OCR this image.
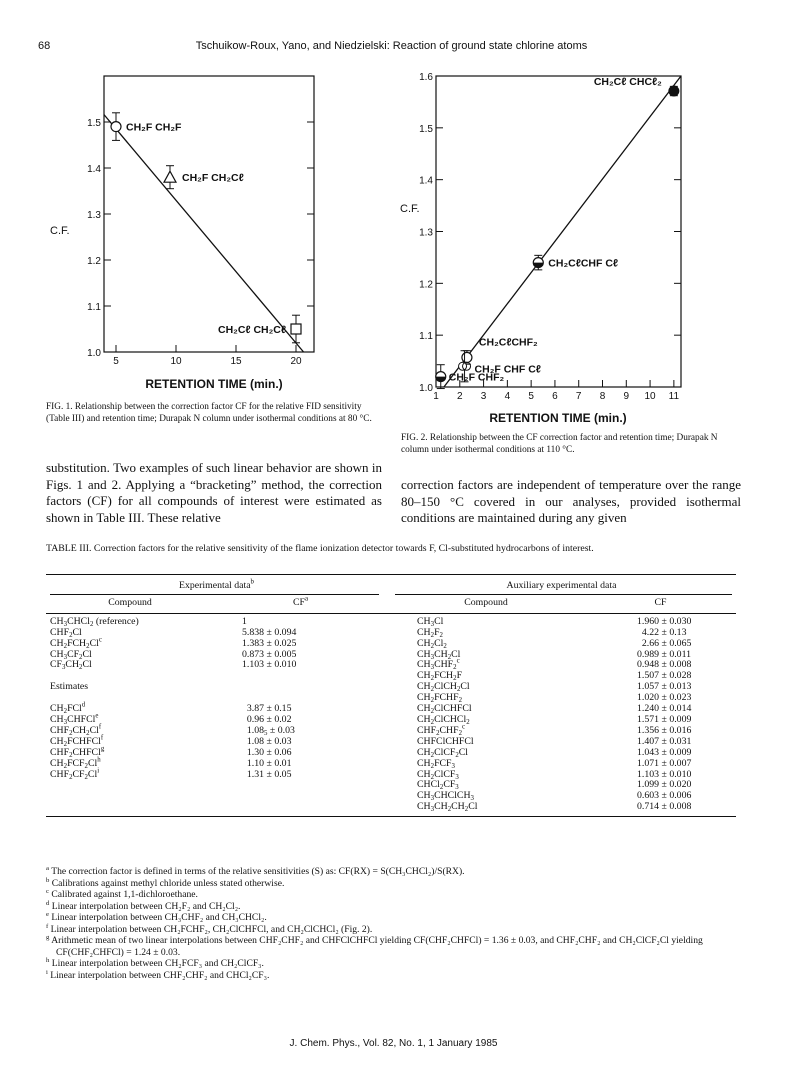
68	Tschuikow-Roux, Yano, and Niedzielski: Reaction of ground state chlorine atoms
1.0
1.1
1.2
1.3
1.4
1.5
5	10	15	20
CH₂F CH₂F
CH₂F CH₂Cℓ
CH₂Cℓ CH₂Cℓ
C.F.
RETENTION TIME (min.)
FIG. 1. Relationship between the correction factor CF for the relative FID sensitivity (Table III) and retention time; Durapak N column under isothermal conditions at 80 °C.
1.0
1.1
1.2
1.3
1.4
1.5
1.6
1 2 3 4 5 6 7 8 9 10 11
CH₂Cℓ CHCℓ₂
CH₂CℓCHF Cℓ
CH₂CℓCHF₂
CH₂F CHF Cℓ
CH₂F CHF₂
C.F.
RETENTION TIME (min.)
FIG. 2. Relationship between the CF correction factor and retention time; Durapak N column under isothermal conditions at 110 °C.
substitution. Two examples of such linear behavior are shown in Figs. 1 and 2. Applying a “bracketing” method, the correction factors (CF) for all compounds of interest were estimated as shown in Table III. These relative
correction factors are independent of temperature over the range 80–150 °C covered in our analyses, provided isothermal conditions are maintained during any given
TABLE III. Correction factors for the relative sensitivity of the flame ionization detector towards F, Cl-substituted hydrocarbons of interest.
Experimental data$^b$		Auxiliary experimental data	

Compound	$CF^a$	Compound	CF

$CH_3CHCl_2$ (reference)	1	$CH_3Cl$	1.960 ± 0.030
$CHF_2Cl$	5.838 ± 0.094	$CH_2F_2$	4.22 ± 0.13
$CH_2FCH_2Cl^c$	1.383 ± 0.025	$CH_2Cl_2$	2.66 ± 0.065
$CH_3CF_2Cl$	0.873 ± 0.005	$CH_3CH_2Cl$	0.989 ± 0.011
$CF_3CH_2Cl$	1.103 ± 0.010	$CH_3CHF_2^c$	0.948 ± 0.008
		$CH_2FCH_2F$	1.507 ± 0.028
Estimates		$CH_2ClCH_2Cl$	1.057 ± 0.013
		$CH_2FCHF_2$	1.020 ± 0.023
$CH_2FCl^d$	3.87 ± 0.15	$CH_2ClCHFCl$	1.240 ± 0.014
$CH_3CHFCl^e$	0.96 ± 0.02	$CH_2ClCHCl_2$	1.571 ± 0.009
$CHF_2CH_2Cl^f$	$1.08_5 \pm 0.03$	$CHF_2CHF_2^c$	1.356 ± 0.016
$CH_2FCHFCl^f$	1.08 ± 0.03	CHFClCHFCl	1.407 ± 0.031
$CHF_2CHFCl^g$	1.30 ± 0.06	$CH_2ClCF_2Cl$	1.043 ± 0.009
$CH_2FCF_2Cl^h$	1.10 ± 0.01	$CH_2FCF_3$	1.071 ± 0.007
$CHF_2CF_2Cl^i$	1.31 ± 0.05	$CH_2ClCF_3$	1.103 ± 0.010
		$CHCl_2CF_3$	1.099 ± 0.020
		$CH_3CHClCH_3$	0.603 ± 0.006
		$CH_3CH_2CH_2Cl$	0.714 ± 0.008

$^a$ The correction factor is defined in terms of the relative sensitivities (S) as: CF(RX) = S(CH₃CHCl₂)/S(RX).
$^b$ Calibrations against methyl chloride unless stated otherwise.
$^c$ Calibrated against 1,1-dichloroethane.
$^d$ Linear interpolation between CH₂F₂ and CH₂Cl₂.
$^e$ Linear interpolation between CH₃CHF₂ and CH₃CHCl₂.
$^f$ Linear interpolation between CH₂FCHF₂, CH₂ClCHFCl, and CH₂ClCHCl₂ (Fig. 2).
$^g$ Arithmetic mean of two linear interpolations between CHF₂CHF₂ and CHFClCHFCl yielding CF(CHF₂CHFCl) = 1.36 ± 0.03, and CHF₂CHF₂ and CH₂ClCF₂Cl yielding CF(CHF₂CHFCl) = 1.24 ± 0.03.
$^h$ Linear interpolation between CH₂FCF₃ and CH₂ClCF₃.
$^i$ Linear interpolation between CHF₂CHF₂ and CHCl₂CF₃.
J. Chem. Phys., Vol. 82, No. 1, 1 January 1985
